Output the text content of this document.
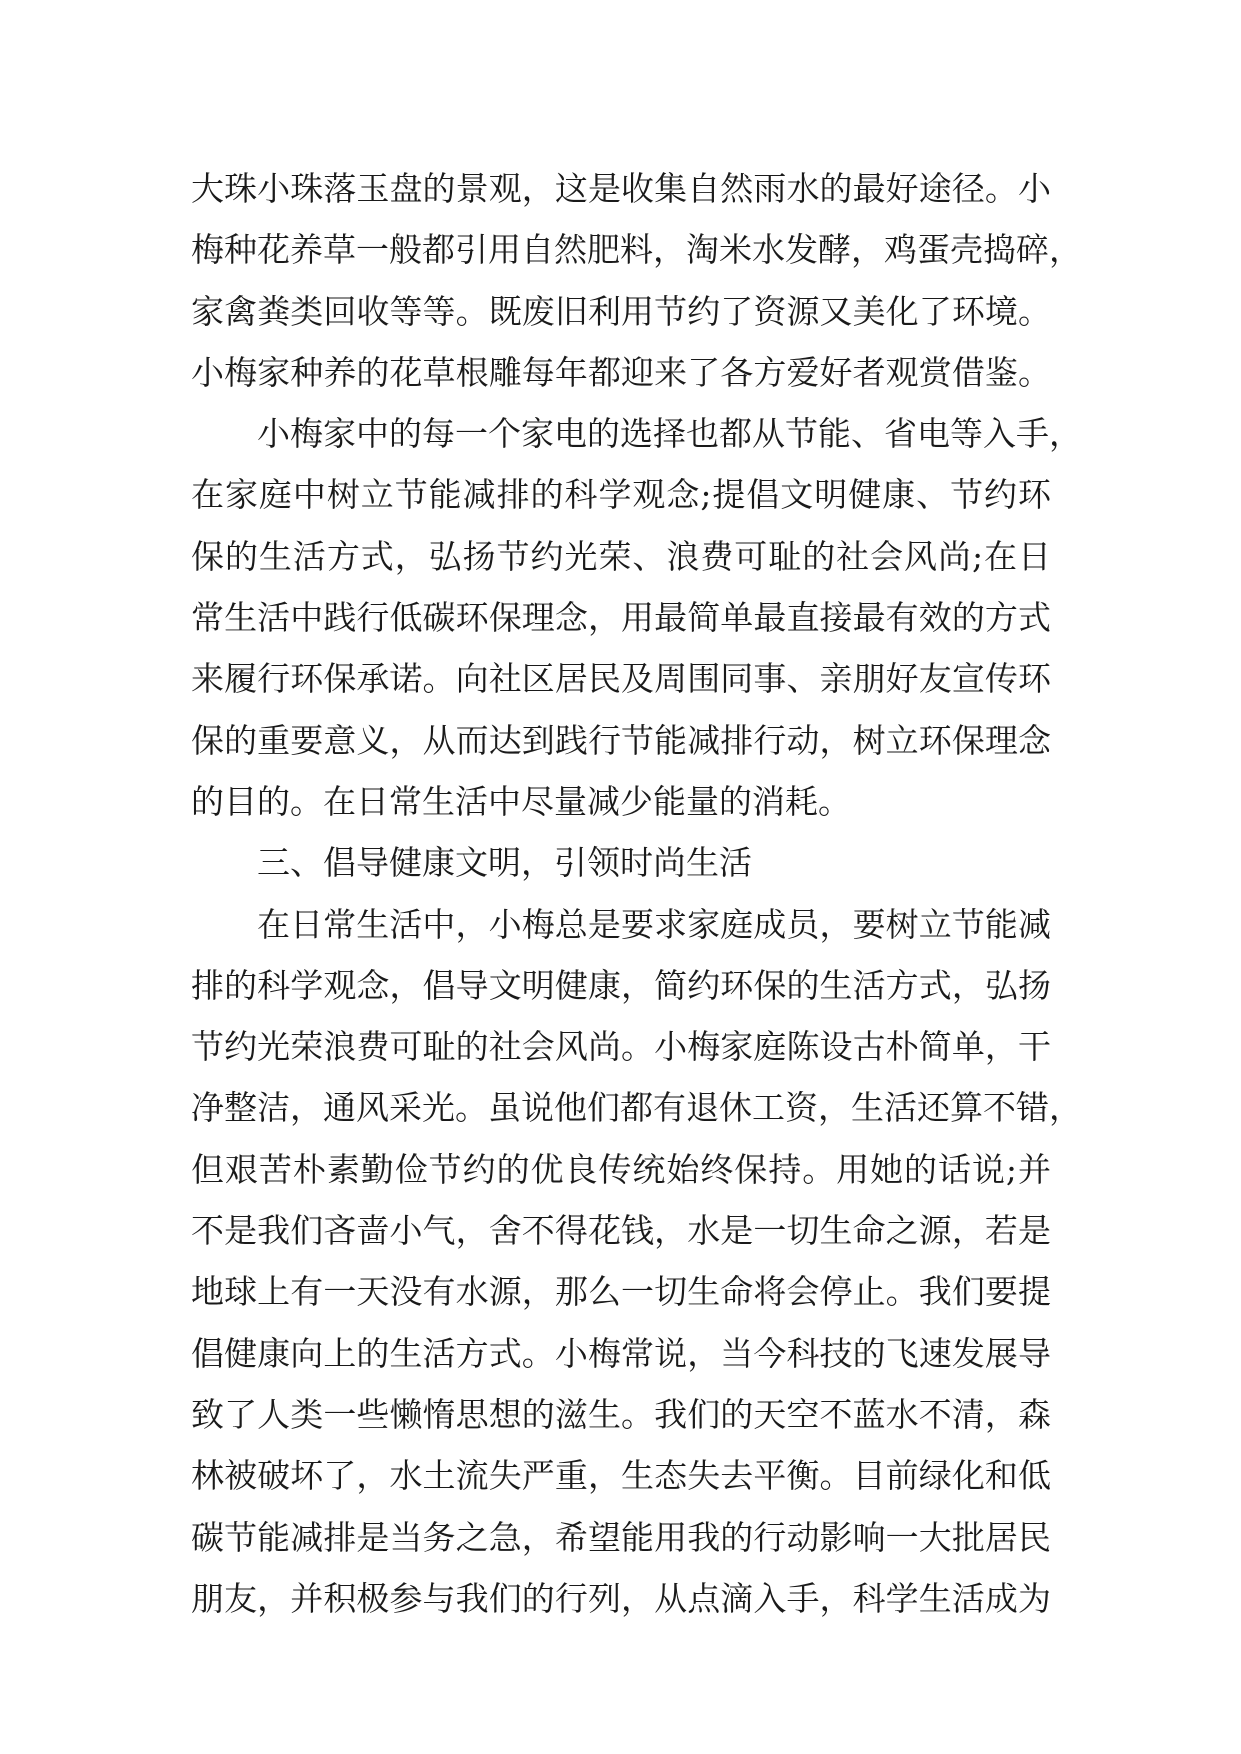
大珠小珠落玉盘的景观，这是收集自然雨水的最好途径。小
梅种花养草一般都引用自然肥料，淘米水发酵，鸡蛋壳捣碎，
家禽粪类回收等等。既废旧利用节约了资源又美化了环境。
小梅家种养的花草根雕每年都迎来了各方爱好者观赏借鉴。
小梅家中的每一个家电的选择也都从节能、省电等入手，
在家庭中树立节能减排的科学观念;提倡文明健康、节约环
保的生活方式，弘扬节约光荣、浪费可耻的社会风尚;在日
常生活中践行低碳环保理念，用最简单最直接最有效的方式
来履行环保承诺。向社区居民及周围同事、亲朋好友宣传环
保的重要意义，从而达到践行节能减排行动，树立环保理念
的目的。在日常生活中尽量减少能量的消耗。
三、倡导健康文明，引领时尚生活
在日常生活中，小梅总是要求家庭成员，要树立节能减
排的科学观念，倡导文明健康，简约环保的生活方式，弘扬
节约光荣浪费可耻的社会风尚。小梅家庭陈设古朴简单，干
净整洁，通风采光。虽说他们都有退休工资，生活还算不错，
但艰苦朴素勤俭节约的优良传统始终保持。用她的话说;并
不是我们吝啬小气，舍不得花钱，水是一切生命之源，若是
地球上有一天没有水源，那么一切生命将会停止。我们要提
倡健康向上的生活方式。小梅常说，当今科技的飞速发展导
致了人类一些懒惰思想的滋生。我们的天空不蓝水不清，森
林被破坏了，水土流失严重，生态失去平衡。目前绿化和低
碳节能减排是当务之急，希望能用我的行动影响一大批居民
朋友，并积极参与我们的行列，从点滴入手，科学生活成为
